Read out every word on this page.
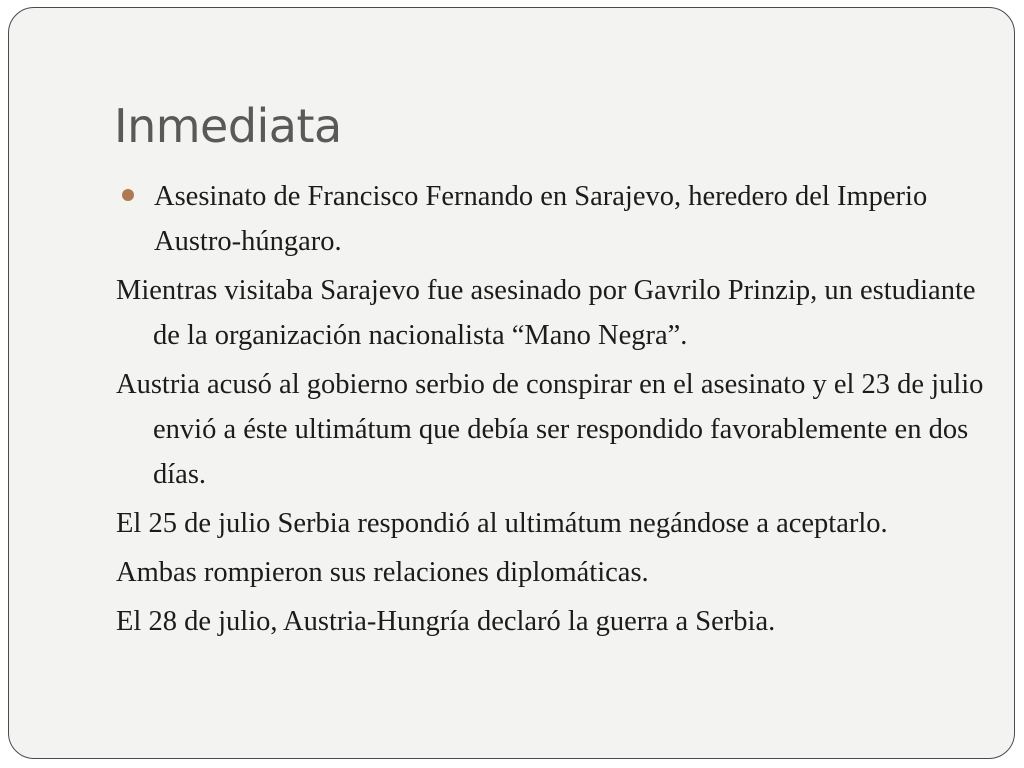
Inmediata
Asesinato de Francisco Fernando en Sarajevo, heredero del Imperio Austro-húngaro.

Mientras visitaba Sarajevo fue asesinado por Gavrilo Prinzip, un estudiante de la organización nacionalista “Mano Negra”.

Austria acusó al gobierno serbio de conspirar en el asesinato y el 23 de julio envió a éste ultimátum que debía ser respondido favorablemente en dos días.

El 25 de julio Serbia respondió al ultimátum negándose a aceptarlo.

Ambas rompieron sus relaciones diplomáticas.

El 28 de julio, Austria-Hungría declaró la guerra a Serbia.
